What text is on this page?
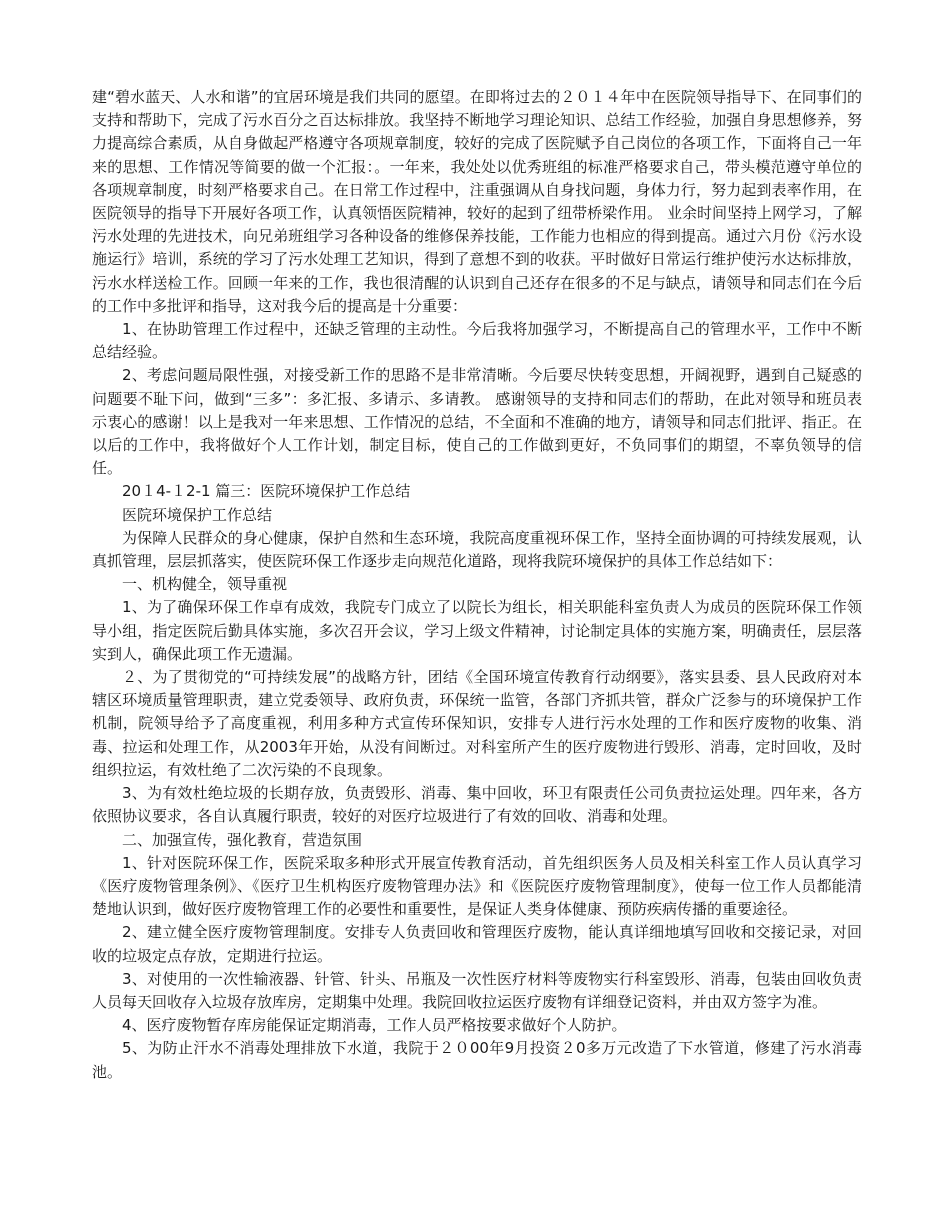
建“碧水蓝天、人水和谐”的宜居环境是我们共同的愿望。在即将过去的２０１４年中在医院领导指导下、在同事们的支持和帮助下，完成了污水百分之百达标排放。我坚持不断地学习理论知识、总结工作经验，加强自身思想修养，努力提高综合素质，从自身做起严格遵守各项规章制度，较好的完成了医院赋予自己岗位的各项工作，下面将自己一年来的思想、工作情况等简要的做一个汇报：。一年来，我处处以优秀班组的标准严格要求自己，带头模范遵守单位的各项规章制度，时刻严格要求自己。在日常工作过程中，注重强调从自身找问题，身体力行，努力起到表率作用，在医院领导的指导下开展好各项工作，认真领悟医院精神，较好的起到了纽带桥梁作用。 业余时间坚持上网学习，了解污水处理的先进技术，向兄弟班组学习各种设备的维修保养技能，工作能力也相应的得到提高。通过六月份《污水设施运行》培训，系统的学习了污水处理工艺知识，得到了意想不到的收获。平时做好日常运行维护使污水达标排放， 污水水样送检工作。回顾一年来的工作，我也很清醒的认识到自己还存在很多的不足与缺点，请领导和同志们在今后的工作中多批评和指导，这对我今后的提高是十分重要：

1、在协助管理工作过程中，还缺乏管理的主动性。今后我将加强学习，不断提高自己的管理水平，工作中不断总结经验。

2、考虑问题局限性强，对接受新工作的思路不是非常清晰。今后要尽快转变思想，开阔视野，遇到自己疑惑的问题要不耻下问，做到“三多”：多汇报、多请示、多请教。 感谢领导的支持和同志们的帮助，在此对领导和班员表示衷心的感谢！以上是我对一年来思想、工作情况的总结，不全面和不准确的地方，请领导和同志们批评、指正。在以后的工作中，我将做好个人工作计划，制定目标，使自己的工作做到更好，不负同事们的期望，不辜负领导的信任。

20１4-１2-1 篇三：医院环境保护工作总结

医院环境保护工作总结

为保障人民群众的身心健康，保护自然和生态环境，我院高度重视环保工作，坚持全面协调的可持续发展观，认真抓管理，层层抓落实，使医院环保工作逐步走向规范化道路，现将我院环境保护的具体工作总结如下：

一、机构健全，领导重视

1、为了确保环保工作卓有成效，我院专门成立了以院长为组长，相关职能科室负责人为成员的医院环保工作领导小组，指定医院后勤具体实施，多次召开会议，学习上级文件精神，讨论制定具体的实施方案，明确责任，层层落实到人，确保此项工作无遗漏。

２、为了贯彻党的“可持续发展”的战略方针，团结《全国环境宣传教育行动纲要》，落实县委、县人民政府对本辖区环境质量管理职责，建立党委领导、政府负责，环保统一监管，各部门齐抓共管，群众广泛参与的环境保护工作机制，院领导给予了高度重视，利用多种方式宣传环保知识，安排专人进行污水处理的工作和医疗废物的收集、消毒、拉运和处理工作，从2003年开始，从没有间断过。对科室所产生的医疗废物进行毁形、消毒，定时回收，及时组织拉运，有效杜绝了二次污染的不良现象。

3、为有效杜绝垃圾的长期存放，负责毁形、消毒、集中回收，环卫有限责任公司负责拉运处理。四年来，各方依照协议要求，各自认真履行职责，较好的对医疗垃圾进行了有效的回收、消毒和处理。

二、加强宣传，强化教育，营造氛围

1、针对医院环保工作，医院采取多种形式开展宣传教育活动，首先组织医务人员及相关科室工作人员认真学习《医疗废物管理条例》、《医疗卫生机构医疗废物管理办法》和《医院医疗废物管理制度》，使每一位工作人员都能清楚地认识到，做好医疗废物管理工作的必要性和重要性，是保证人类身体健康、预防疾病传播的重要途径。

2、建立健全医疗废物管理制度。安排专人负责回收和管理医疗废物，能认真详细地填写回收和交接记录，对回收的垃圾定点存放，定期进行拉运。

3、对使用的一次性输液器、针管、针头、吊瓶及一次性医疗材料等废物实行科室毁形、消毒，包装由回收负责人员每天回收存入垃圾存放库房，定期集中处理。我院回收拉运医疗废物有详细登记资料，并由双方签字为准。

4、医疗废物暂存库房能保证定期消毒，工作人员严格按要求做好个人防护。

5、为防止汗水不消毒处理排放下水道，我院于２０00年9月投资２0多万元改造了下水管道，修建了污水消毒池。
